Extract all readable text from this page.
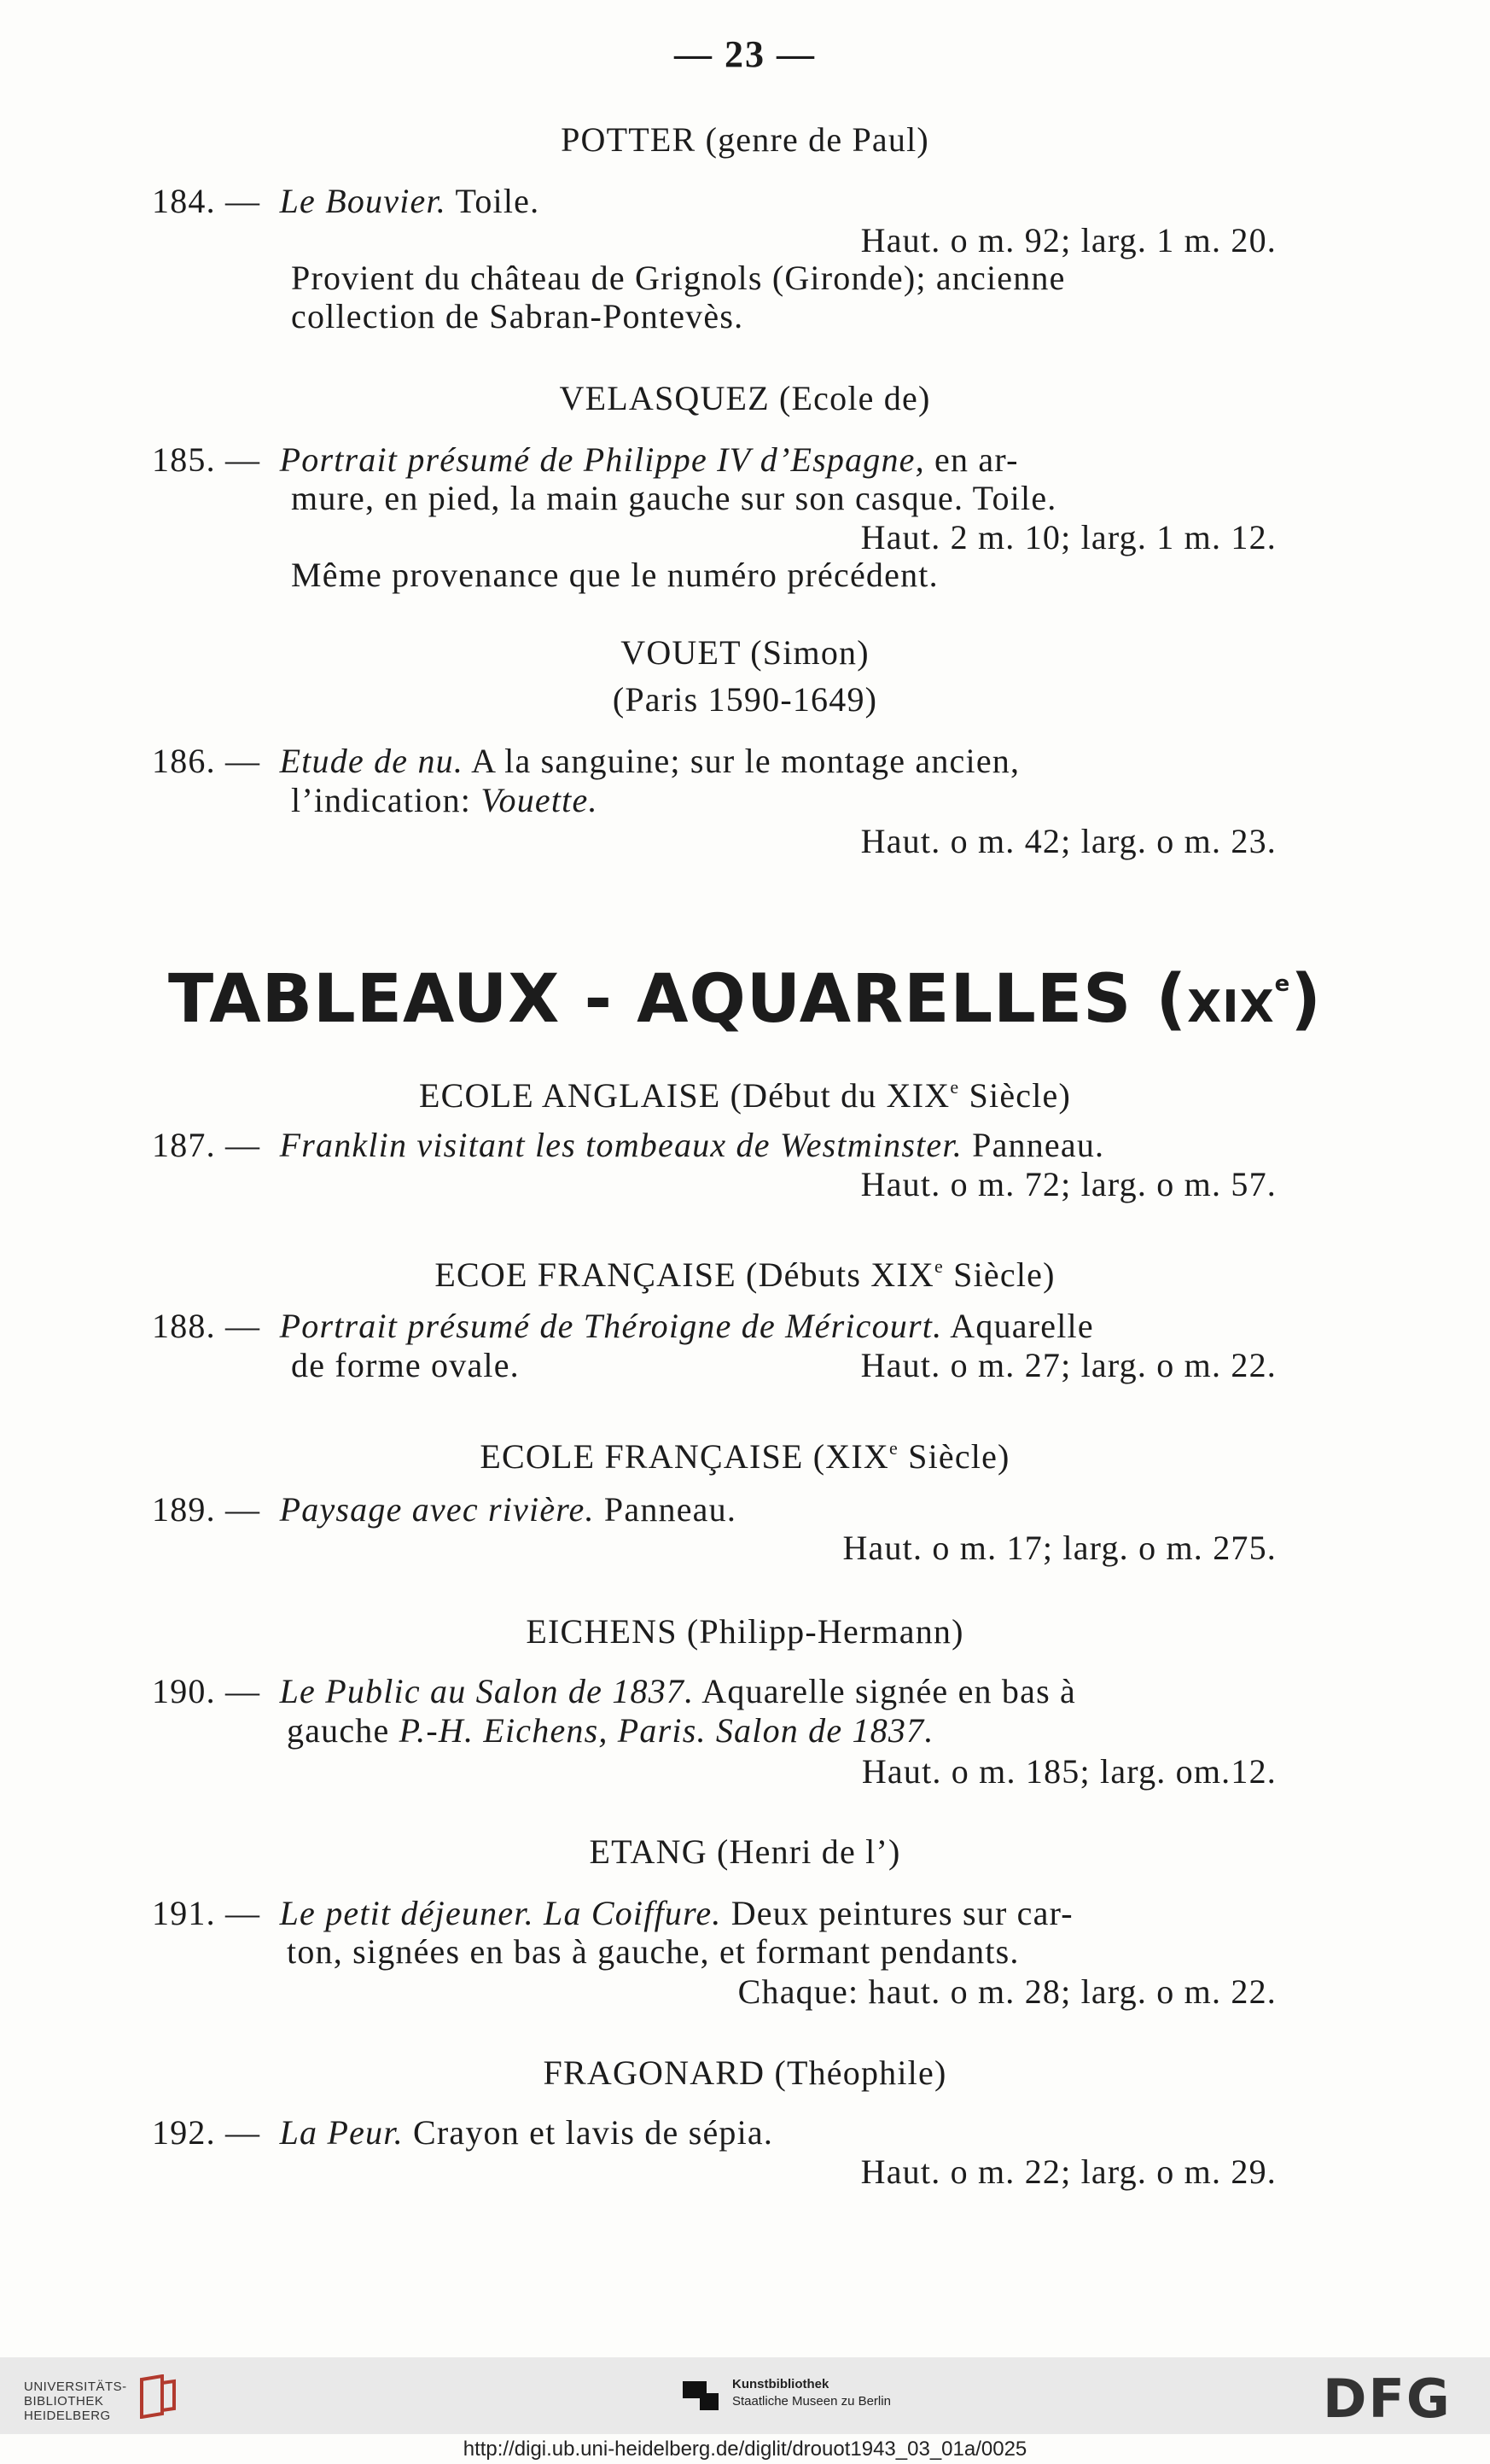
— 23 —
POTTER (genre de Paul)
184. — Le Bouvier. Toile.
Haut. o m. 92; larg. 1 m. 20.
Provient du château de Grignols (Gironde); ancienne
collection de Sabran-Pontevès.
VELASQUEZ (Ecole de)
185. — Portrait présumé de Philippe IV d’Espagne, en ar-
mure, en pied, la main gauche sur son casque. Toile.
Haut. 2 m. 10; larg. 1 m. 12.
Même provenance que le numéro précédent.
VOUET (Simon)
(Paris 1590-1649)
186. — Etude de nu. A la sanguine; sur le montage ancien,
l’indication: Vouette.
Haut. o m. 42; larg. o m. 23.
TABLEAUX - AQUARELLES (XIXe)
ECOLE ANGLAISE (Début du XIXe Siècle)
187. — Franklin visitant les tombeaux de Westminster. Panneau.
Haut. o m. 72; larg. o m. 57.
ECOE FRANÇAISE (Débuts XIXe Siècle)
188. — Portrait présumé de Théroigne de Méricourt. Aquarelle
de forme ovale.	Haut. o m. 27; larg. o m. 22.
ECOLE FRANÇAISE (XIXe Siècle)
189. — Paysage avec rivière. Panneau.
Haut. o m. 17; larg. o m. 275.
EICHENS (Philipp-Hermann)
190. — Le Public au Salon de 1837. Aquarelle signée en bas à
gauche P.-H. Eichens, Paris. Salon de 1837.
Haut. o m. 185; larg. om.12.
ETANG (Henri de l’)
191. — Le petit déjeuner. La Coiffure. Deux peintures sur car-
ton, signées en bas à gauche, et formant pendants.
Chaque: haut. o m. 28; larg. o m. 22.
FRAGONARD (Théophile)
192. — La Peur. Crayon et lavis de sépia.
Haut. o m. 22; larg. o m. 29.
UNIVERSITÄTS-
BIBLIOTHEK
HEIDELBERG
Kunstbibliothek
Staatliche Museen zu Berlin	DFG
http://digi.ub.uni-heidelberg.de/diglit/drouot1943_03_01a/0025
